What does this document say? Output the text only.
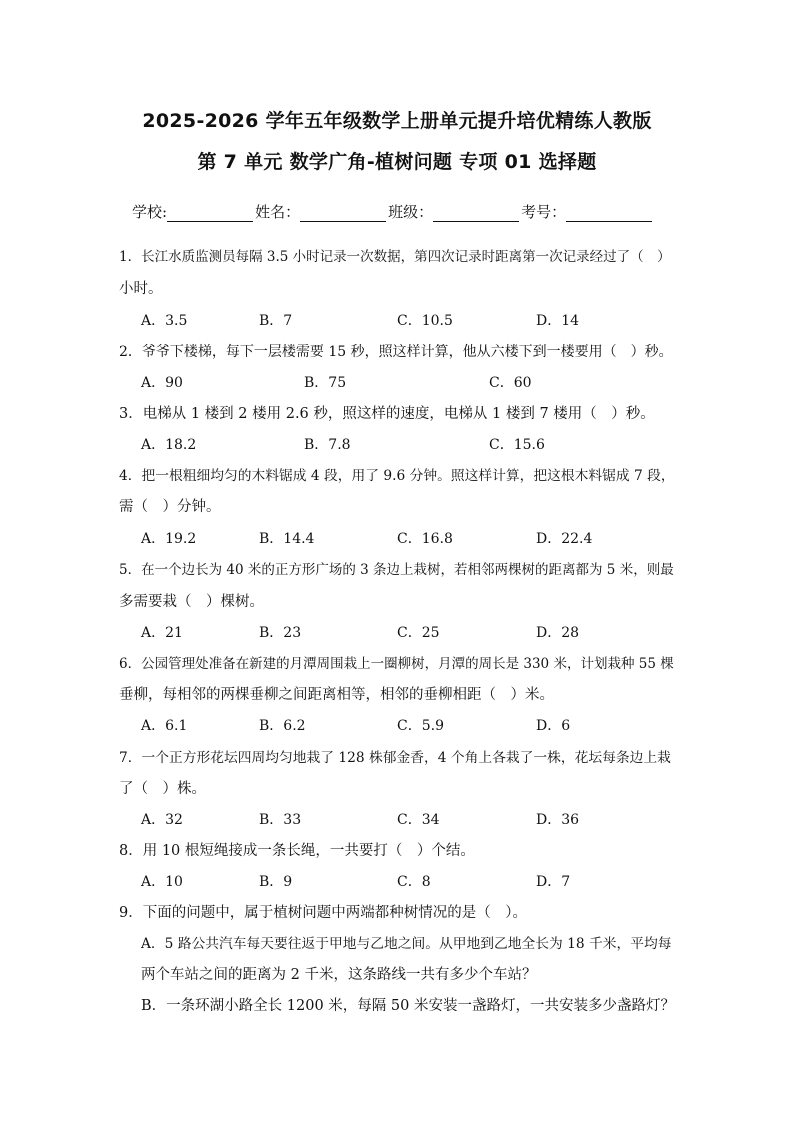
2025-2026 学年五年级数学上册单元提升培优精练人教版
第 7 单元 数学广角-植树问题 专项 01 选择题
学校:	姓名：	班级：	考号：
1．长江水质监测员每隔 3.5 小时记录一次数据，第四次记录时距离第一次记录经过了（　）
小时。
A．3.5	B．7	C．10.5	D．14
2．爷爷下楼梯，每下一层楼需要 15 秒，照这样计算，他从六楼下到一楼要用（　）秒。
A．90	B．75	C．60
3．电梯从 1 楼到 2 楼用 2.6 秒，照这样的速度，电梯从 1 楼到 7 楼用（　）秒。
A．18.2	B．7.8	C．15.6
4．把一根粗细均匀的木料锯成 4 段，用了 9.6 分钟。照这样计算，把这根木料锯成 7 段，
需（　）分钟。
A．19.2	B．14.4	C．16.8	D．22.4
5．在一个边长为 40 米的正方形广场的 3 条边上栽树，若相邻两棵树的距离都为 5 米，则最
多需要栽（　）棵树。
A．21	B．23	C．25	D．28
6．公园管理处准备在新建的月潭周围栽上一圈柳树，月潭的周长是 330 米，计划栽种 55 棵
垂柳，每相邻的两棵垂柳之间距离相等，相邻的垂柳相距（　）米。
A．6.1	B．6.2	C．5.9	D．6
7．一个正方形花坛四周均匀地栽了 128 株郁金香，4 个角上各栽了一株，花坛每条边上栽
了（　）株。
A．32	B．33	C．34	D．36
8．用 10 根短绳接成一条长绳，一共要打（　）个结。
A．10	B．9	C．8	D．7
9．下面的问题中，属于植树问题中两端都种树情况的是（　）。
A．5 路公共汽车每天要往返于甲地与乙地之间。从甲地到乙地全长为 18 千米，平均每
两个车站之间的距离为 2 千米，这条路线一共有多少个车站？
B．一条环湖小路全长 1200 米，每隔 50 米安装一盏路灯，一共安装多少盏路灯？
